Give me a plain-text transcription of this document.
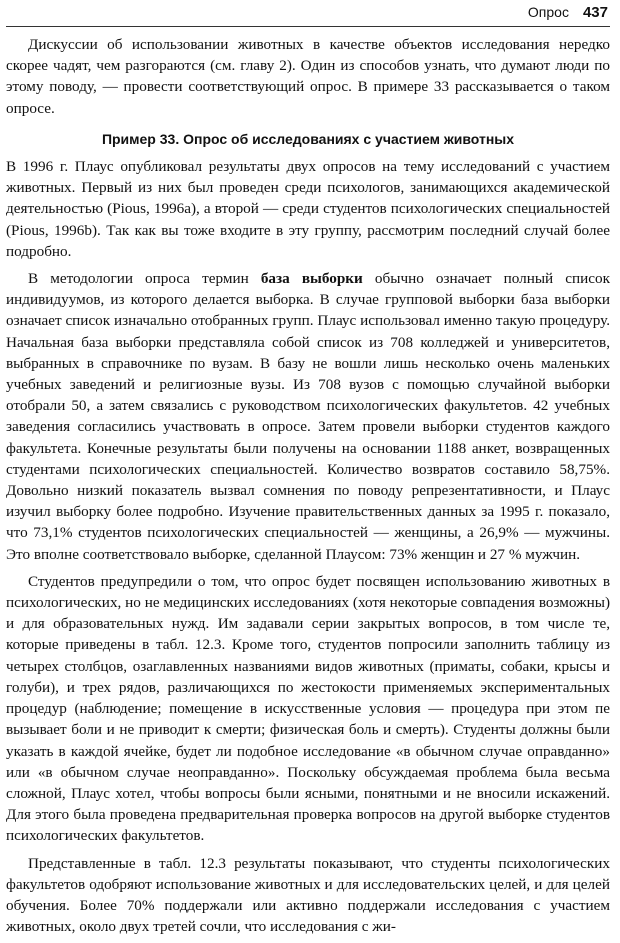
Опрос 437

Дискуссии об использовании животных в качестве объектов исследования нередко скорее чадят, чем разгораются (см. главу 2). Один из способов узнать, что думают люди по этому поводу, — провести соответствующий опрос. В примере 33 рассказывается о таком опросе.

Пример 33. Опрос об исследованиях с участием животных

В 1996 г. Плаус опубликовал результаты двух опросов на тему исследований с участием животных. Первый из них был проведен среди психологов, занимающихся академической деятельностью (Pious, 1996a), а второй — среди студентов психологических специальностей (Pious, 1996b). Так как вы тоже входите в эту группу, рассмотрим последний случай более подробно.

В методологии опроса термин база выборки обычно означает полный список индивидуумов, из которого делается выборка. В случае групповой выборки база выборки означает список изначально отобранных групп. Плаус использовал именно такую процедуру. Начальная база выборки представляла собой список из 708 колледжей и университетов, выбранных в справочнике по вузам. В базу не вошли лишь несколько очень маленьких учебных заведений и религиозные вузы. Из 708 вузов с помощью случайной выборки отобрали 50, а затем связались с руководством психологических факультетов. 42 учебных заведения согласились участвовать в опросе. Затем провели выборки студентов каждого факультета. Конечные результаты были получены на основании 1188 анкет, возвращенных студентами психологических специальностей. Количество возвратов составило 58,75%. Довольно низкий показатель вызвал сомнения по поводу репрезентативности, и Плаус изучил выборку более подробно. Изучение правительственных данных за 1995 г. показало, что 73,1% студентов психологических специальностей — женщины, а 26,9% — мужчины. Это вполне соответствовало выборке, сделанной Плаусом: 73% женщин и 27 % мужчин.

Студентов предупредили о том, что опрос будет посвящен использованию животных в психологических, но не медицинских исследованиях (хотя некоторые совпадения возможны) и для образовательных нужд. Им задавали серии закрытых вопросов, в том числе те, которые приведены в табл. 12.3. Кроме того, студентов попросили заполнить таблицу из четырех столбцов, озаглавленных названиями видов животных (приматы, собаки, крысы и голуби), и трех рядов, различающихся по жестокости применяемых экспериментальных процедур (наблюдение; помещение в искусственные условия — процедура при этом пе вызывает боли и не приводит к смерти; физическая боль и смерть). Студенты должны были указать в каждой ячейке, будет ли подобное исследование «в обычном случае оправданно» или «в обычном случае неоправданно». Поскольку обсуждаемая проблема была весьма сложной, Плаус хотел, чтобы вопросы были ясными, понятными и не вносили искажений. Для этого была проведена предварительная проверка вопросов на другой выборке студентов психологических факультетов.

Представленные в табл. 12.3 результаты показывают, что студенты психологических факультетов одобряют использование животных и для исследовательских целей, и для целей обучения. Более 70% поддержали или активно поддержали исследования с участием животных, около двух третей сочли, что исследования с жи-
